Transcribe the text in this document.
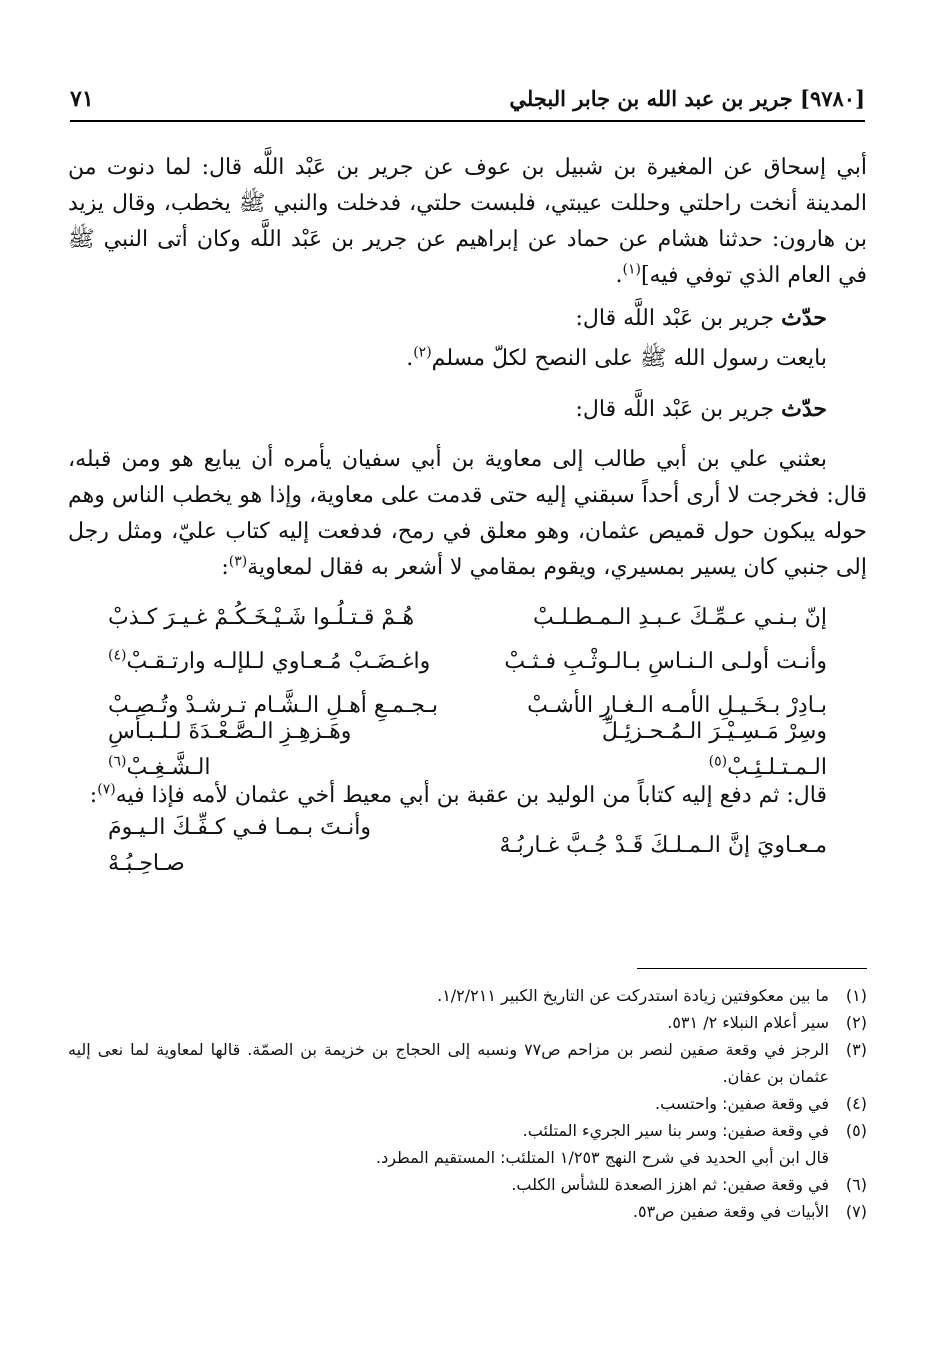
٧١	[٩٧٨٠] جرير بن عبد الله بن جابر البجلي

أبي إسحاق عن المغيرة بن شبيل بن عوف عن جرير بن عَبْد اللَّه قال: لما دنوت من المدينة أنخت راحلتي وحللت عيبتي، فلبست حلتي، فدخلت والنبي ﷺ يخطب، وقال يزيد بن هارون: حدثنا هشام عن حماد عن إبراهيم عن جرير بن عَبْد اللَّه وكان أتى النبي ﷺ في العام الذي توفي فيه]$^{(١)}$.

حدّث جرير بن عَبْد اللَّه قال:

بايعت رسول الله ﷺ على النصح لكلّ مسلم$^{(٢)}$.

حدّث جرير بن عَبْد اللَّه قال:

بعثني علي بن أبي طالب إلى معاوية بن أبي سفيان يأمره أن يبايع هو ومن قبله، قال: فخرجت لا أرى أحداً سبقني إليه حتى قدمت على معاوية، وإذا هو يخطب الناس وهم حوله يبكون حول قميص عثمان، وهو معلق في رمح، فدفعت إليه كتاب عليّ، ومثل رجل إلى جنبي كان يسير بمسيري، ويقوم بمقامي لا أشعر به فقال لمعاوية$^{(٣)}$:

إنّ بـنـي عـمِّـكَ عـبـدِ الـمـطـلـبْ
هُـمْ قـتـلُـوا شَـيْـخَـكُـمْ غـيـرَ كـذبْ
وأنـت أولـى الـنـاسِ بـالـوثْـبِ فـثـبْ
واغـضَـبْ مُـعـاوي لـلإلـه وارتـقـبْ$^{(٤)}$
بـادِرْ بـخَـيـلِ الأمـه الـغـارِ الأشـبْ
بـجـمـعِ أهـلِ الـشَّـام تـرشـدْ وتُـصِـبْ
وسِرْ مَـسِـيْـرَ الـمُـحـزئِـلِّ الـمـتـلـئِـبْ$^{(٥)}$
وهَـزهِـزِ الـصَّـعْـدَةَ لـلـبـأسِ الـشَّـغِـبْ$^{(٦)}$

قال: ثم دفع إليه كتاباً من الوليد بن عقبة بن أبي معيط أخي عثمان لأمه فإذا فيه$^{(٧)}$:

مـعـاويَ إنَّ الـمـلـكَ قَـدْ جُـبَّ غـاربُـهْ
وأنـتَ بـمـا فـي كـفِّـكَ الـيـومَ صـاحِـبُـهْ
(١)
ما بين معكوفتين زيادة استدركت عن التاريخ الكبير ١/٢/٢١١.
(٢)
سير أعلام النبلاء ٢/ ٥٣١.
(٣)
الرجز في وقعة صفين لنصر بن مزاحم ص٧٧ ونسبه إلى الحجاج بن خزيمة بن الصمّة. قالها لمعاوية لما نعى إليه عثمان بن عفان.
(٤)
في وقعة صفين: واحتسب.
(٥)
في وقعة صفين: وسر بنا سير الجريء المتلئب.
قال ابن أبي الحديد في شرح النهج ١/٢٥٣ المتلئب: المستقيم المطرد.
(٦)
في وقعة صفين: ثم اهزز الصعدة للشأس الكلب.
(٧)
الأبيات في وقعة صفين ص٥٣.
